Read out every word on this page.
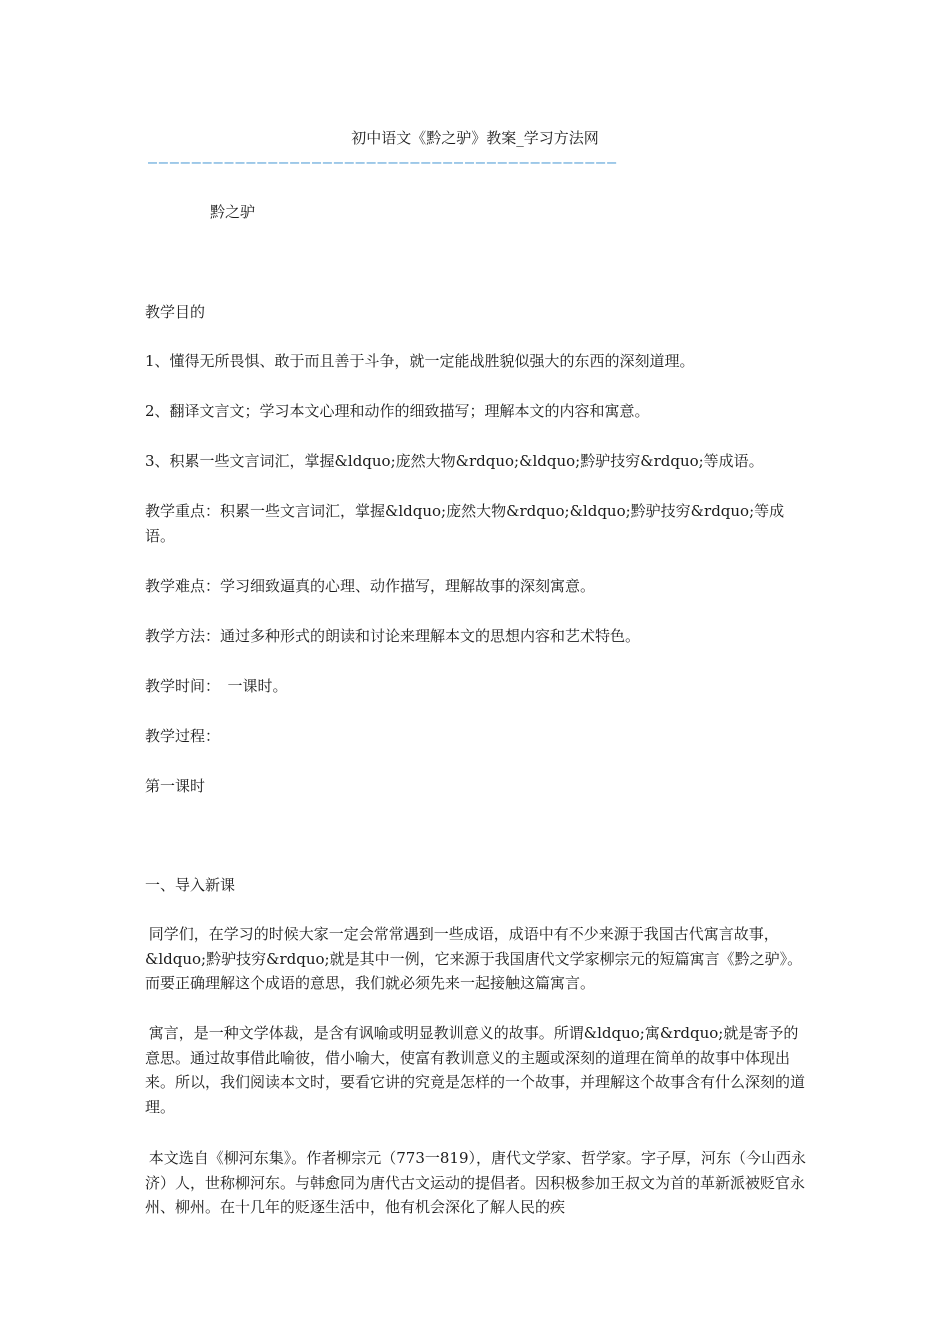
初中语文《黔之驴》教案_学习方法网
———————————————————————————————————————————

黔之驴

教学目的

1、懂得无所畏惧、敢于而且善于斗争，就一定能战胜貌似强大的东西的深刻道理。

2、翻译文言文；学习本文心理和动作的细致描写；理解本文的内容和寓意。

3、积累一些文言词汇，掌握&ldquo;庞然大物&rdquo;&ldquo;黔驴技穷&rdquo;等成语。

教学重点：积累一些文言词汇，掌握&ldquo;庞然大物&rdquo;&ldquo;黔驴技穷&rdquo;等成语。

教学难点：学习细致逼真的心理、动作描写，理解故事的深刻寓意。

教学方法：通过多种形式的朗读和讨论来理解本文的思想内容和艺术特色。

教学时间：　一课时。

教学过程：

第一课时

一、导入新课

同学们，在学习的时候大家一定会常常遇到一些成语，成语中有不少来源于我国古代寓言故事，&ldquo;黔驴技穷&rdquo;就是其中一例，它来源于我国唐代文学家柳宗元的短篇寓言《黔之驴》。而要正确理解这个成语的意思，我们就必须先来一起接触这篇寓言。

寓言，是一种文学体裁，是含有讽喻或明显教训意义的故事。所谓&ldquo;寓&rdquo;就是寄予的意思。通过故事借此喻彼，借小喻大，使富有教训意义的主题或深刻的道理在简单的故事中体现出来。所以，我们阅读本文时，要看它讲的究竟是怎样的一个故事，并理解这个故事含有什么深刻的道理。

本文选自《柳河东集》。作者柳宗元（773一819），唐代文学家、哲学家。字子厚，河东（今山西永济）人，世称柳河东。与韩愈同为唐代古文运动的提倡者。因积极参加王叔文为首的革新派被贬官永州、柳州。在十几年的贬逐生活中，他有机会深化了解人民的疾
